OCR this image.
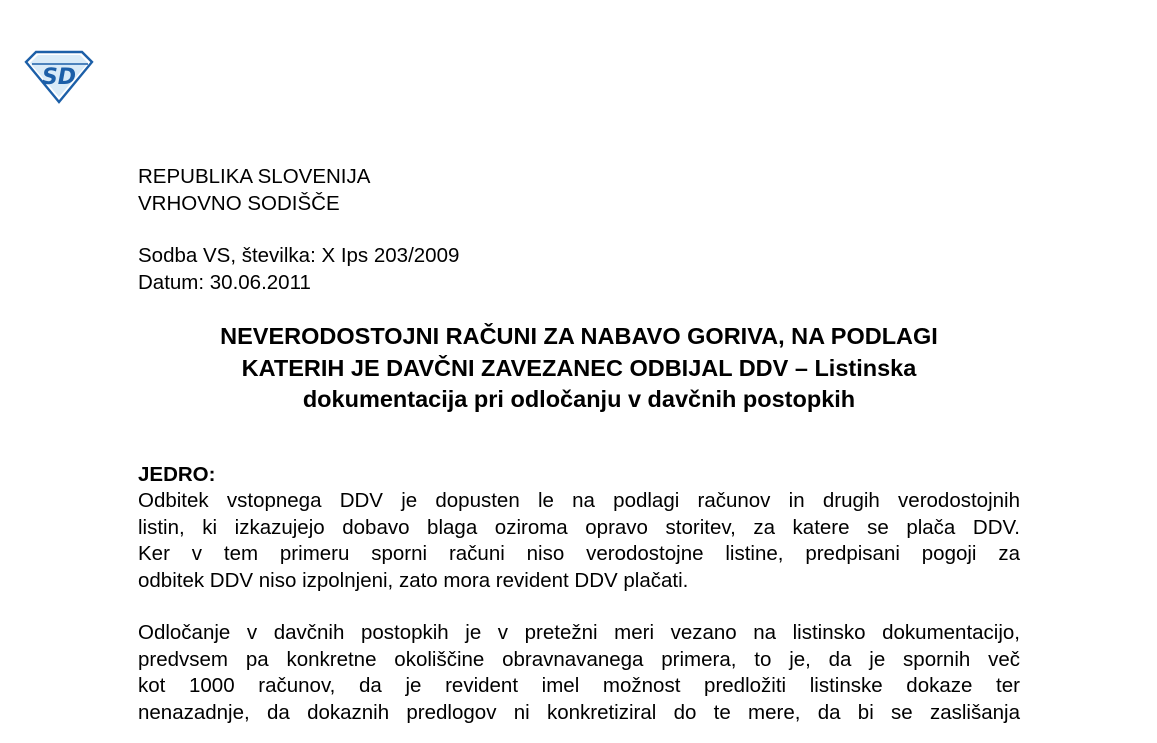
SD
REPUBLIKA SLOVENIJA
VRHOVNO SODIŠČE
Sodba VS, številka: X Ips 203/2009
Datum: 30.06.2011
NEVERODOSTOJNI RAČUNI ZA NABAVO GORIVA, NA PODLAGI
KATERIH JE DAVČNI ZAVEZANEC ODBIJAL DDV – Listinska
dokumentacija pri odločanju v davčnih postopkih
JEDRO:
Odbitek vstopnega DDV je dopusten le na podlagi računov in drugih verodostojnih
listin, ki izkazujejo dobavo blaga oziroma opravo storitev, za katere se plača DDV.
Ker v tem primeru sporni računi niso verodostojne listine, predpisani pogoji za
odbitek DDV niso izpolnjeni, zato mora revident DDV plačati.
Odločanje v davčnih postopkih je v pretežni meri vezano na listinsko dokumentacijo,
predvsem pa konkretne okoliščine obravnavanega primera, to je, da je spornih več
kot 1000 računov, da je revident imel možnost predložiti listinske dokaze ter
nenazadnje, da dokaznih predlogov ni konkretiziral do te mere, da bi se zaslišanja
